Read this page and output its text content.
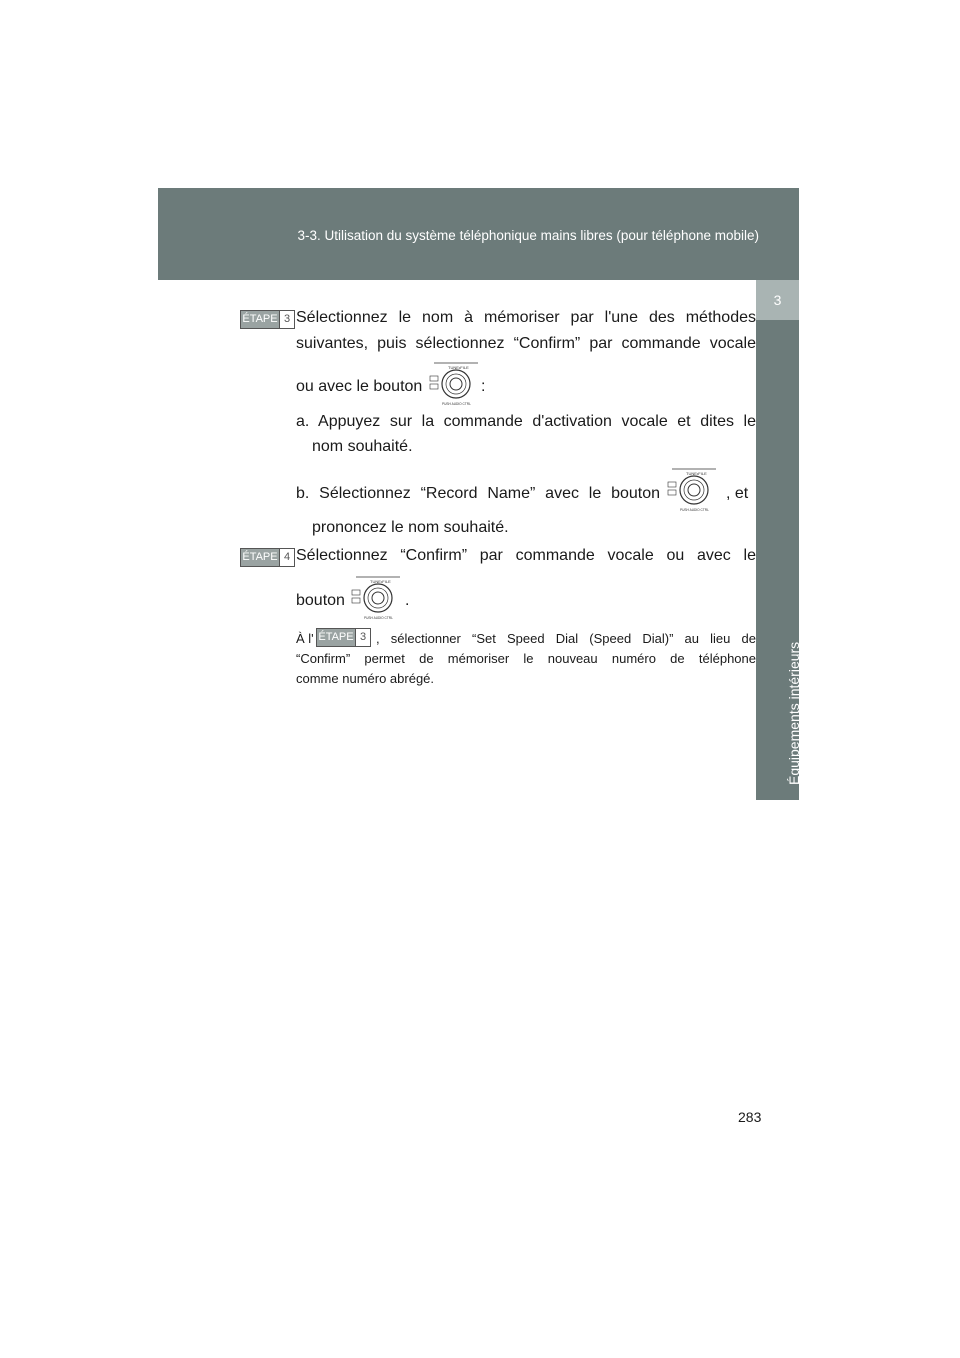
3-3. Utilisation du système téléphonique mains libres (pour téléphone mobile)
3
Équipements intérieurs
ÉTAPE 3 Sélectionnez le nom à mémoriser par l'une des méthodes
suivantes, puis sélectionnez “Confirm” par commande vocale
ou avec le bouton
TUNE•FILE
PUSH AUDIO CTRL
:
a. Appuyez sur la commande d'activation vocale et dites le
nom souhaité.
b. Sélectionnez “Record Name” avec le bouton
TUNE•FILE
PUSH AUDIO CTRL
, et
prononcez le nom souhaité.
ÉTAPE 4 Sélectionnez “Confirm” par commande vocale ou avec le
bouton
TUNE•FILE
PUSH AUDIO CTRL
.
À l' ÉTAPE 3 , sélectionner “Set Speed Dial (Speed Dial)” au lieu de
“Confirm” permet de mémoriser le nouveau numéro de téléphone
comme numéro abrégé.
283
